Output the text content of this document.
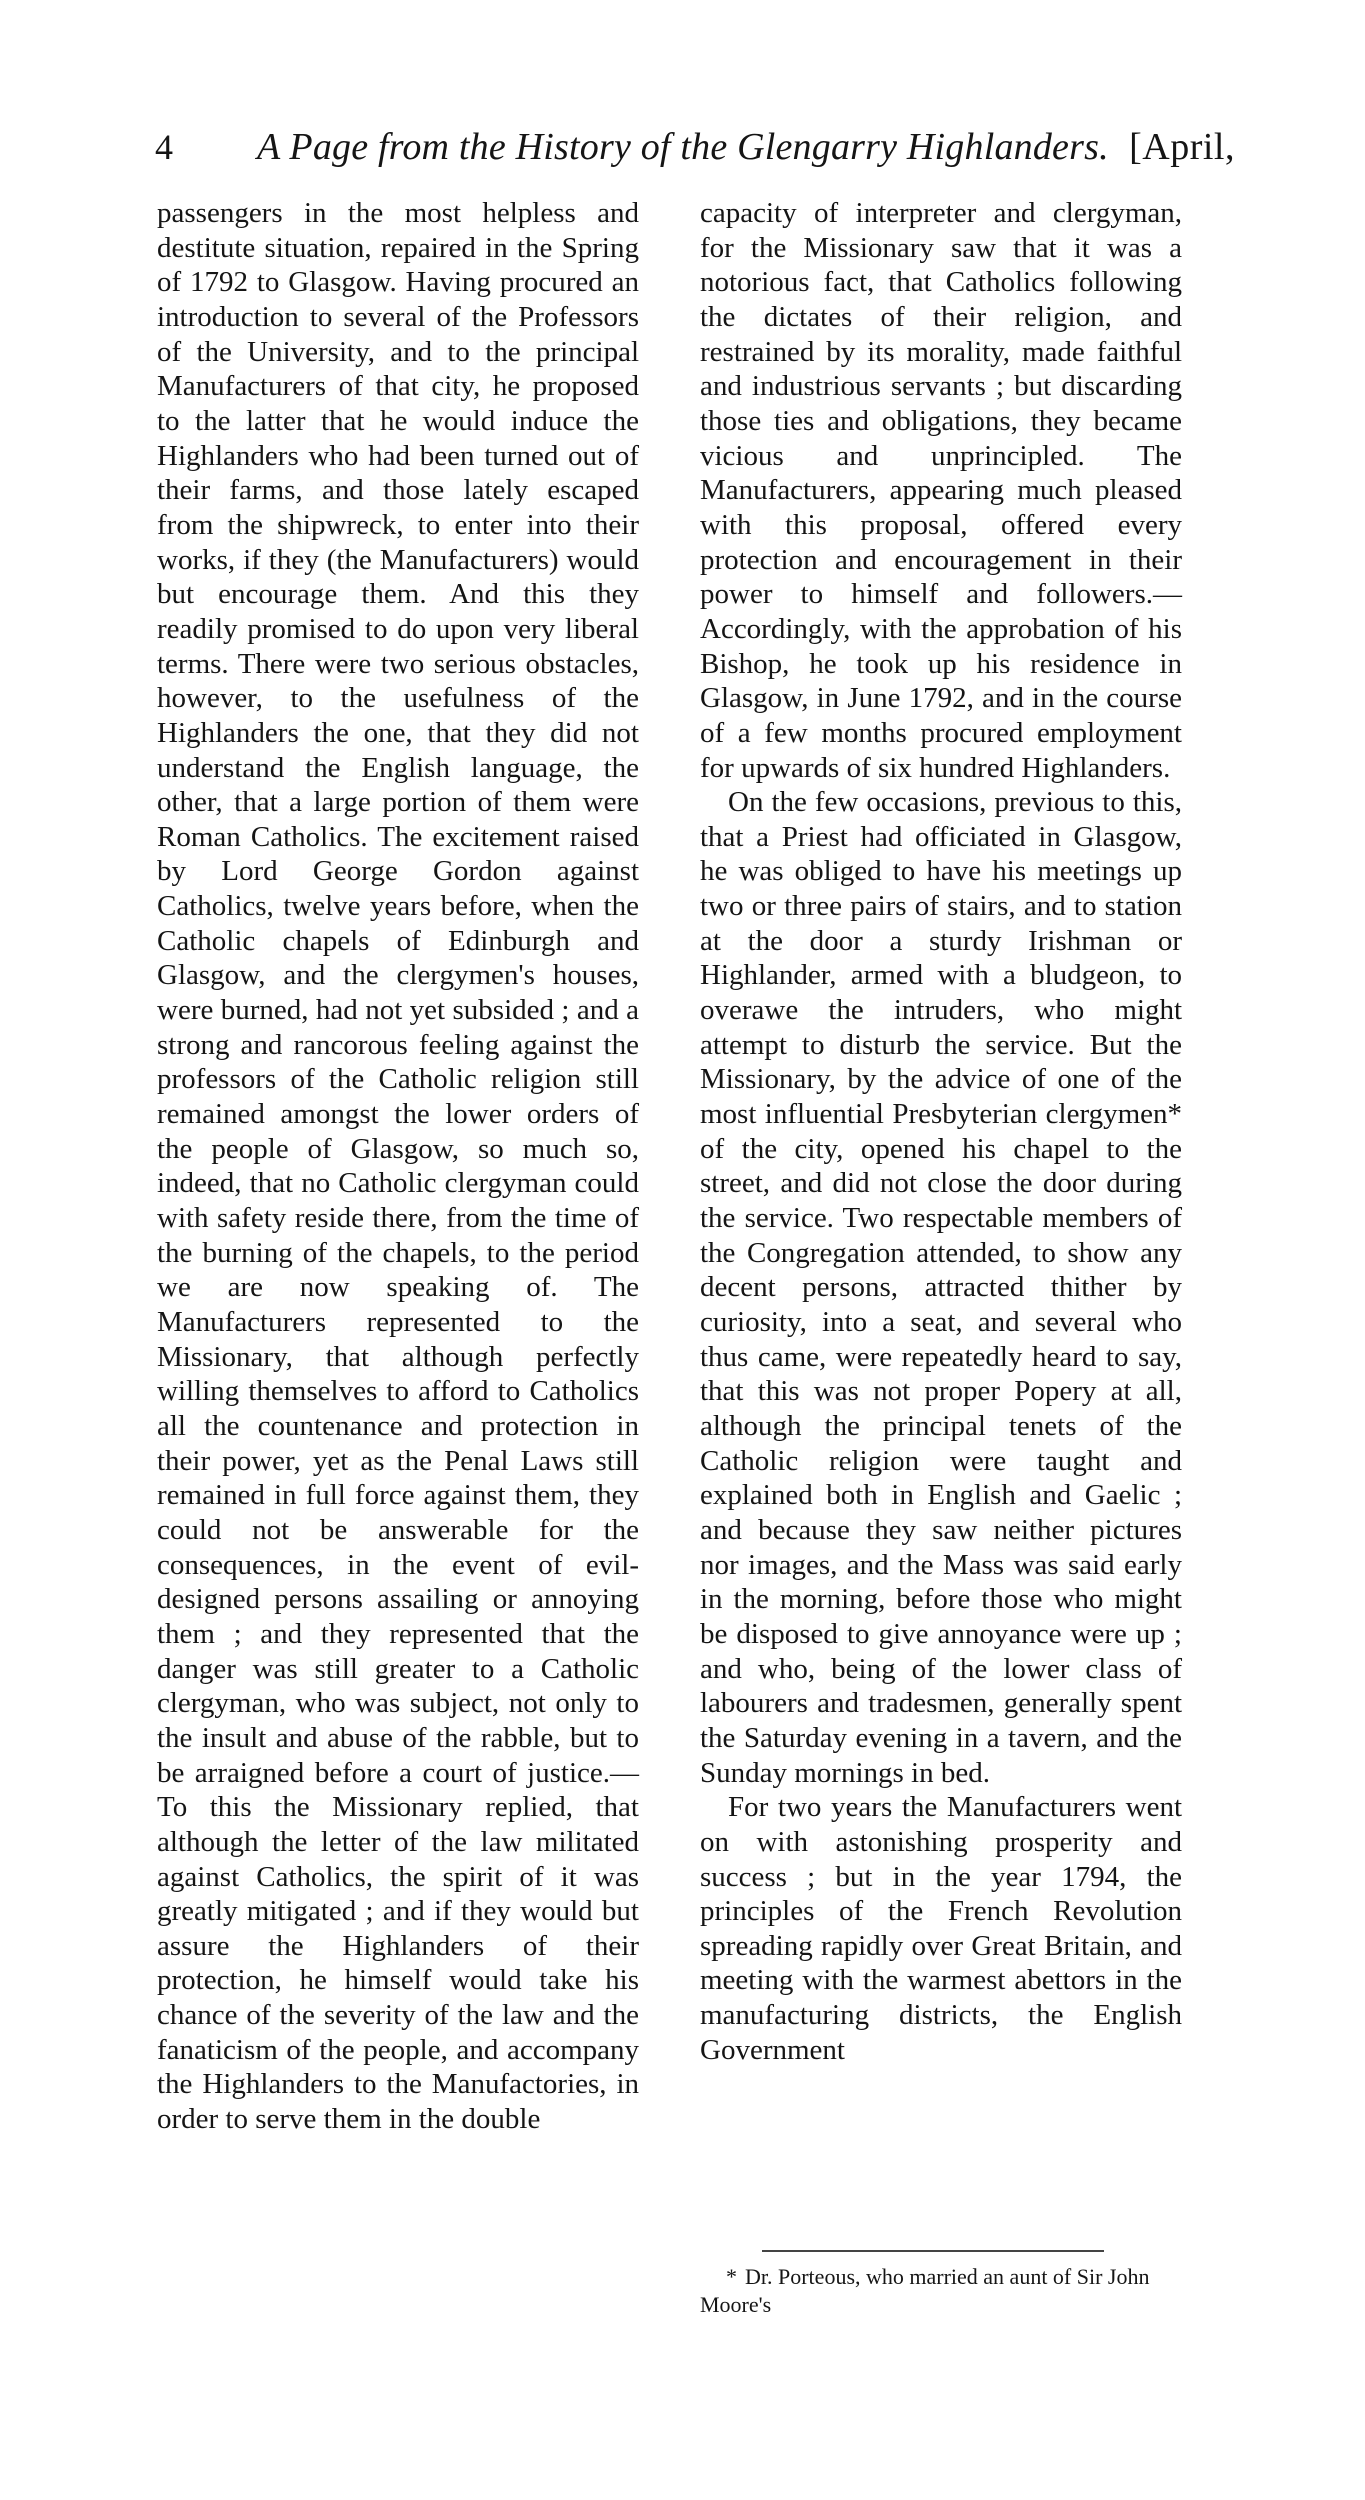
4 A Page from the History of the Glengarry Highlanders. [April,

passengers in the most helpless and destitute situation, repaired in the Spring of 1792 to Glasgow. Having procured an introduction to several of the Professors of the University, and to the principal Manufacturers of that city, he proposed to the latter that he would induce the Highlanders who had been turned out of their farms, and those lately escaped from the shipwreck, to enter into their works, if they (the Manufacturers) would but encourage them. And this they readily promised to do upon very liberal terms. There were two serious obstacles, however, to the usefulness of the Highlanders the one, that they did not understand the English language, the other, that a large portion of them were Roman Catholics. The excitement raised by Lord George Gordon against Catholics, twelve years before, when the Catholic chapels of Edinburgh and Glasgow, and the clergymen's houses, were burned, had not yet subsided ; and a strong and rancorous feeling against the professors of the Catholic religion still remained amongst the lower orders of the people of Glasgow, so much so, indeed, that no Catholic clergyman could with safety reside there, from the time of the burning of the chapels, to the period we are now speaking of. The Manufacturers represented to the Missionary, that although perfectly willing themselves to afford to Catholics all the countenance and protection in their power, yet as the Penal Laws still remained in full force against them, they could not be answerable for the consequences, in the event of evil-designed persons assailing or annoying them ; and they represented that the danger was still greater to a Catholic clergyman, who was subject, not only to the insult and abuse of the rabble, but to be arraigned before a court of justice.— To this the Missionary replied, that although the letter of the law militated against Catholics, the spirit of it was greatly mitigated ; and if they would but assure the Highlanders of their protection, he himself would take his chance of the severity of the law and the fanaticism of the people, and accompany the Highlanders to the Manufactories, in order to serve them in the double

capacity of interpreter and clergyman, for the Missionary saw that it was a notorious fact, that Catholics following the dictates of their religion, and restrained by its morality, made faithful and industrious servants ; but discarding those ties and obligations, they became vicious and unprincipled. The Manufacturers, appearing much pleased with this proposal, offered every protection and encouragement in their power to himself and followers.— Accordingly, with the approbation of his Bishop, he took up his residence in Glasgow, in June 1792, and in the course of a few months procured employment for upwards of six hundred Highlanders.

On the few occasions, previous to this, that a Priest had officiated in Glasgow, he was obliged to have his meetings up two or three pairs of stairs, and to station at the door a sturdy Irishman or Highlander, armed with a bludgeon, to overawe the intruders, who might attempt to disturb the service. But the Missionary, by the advice of one of the most influential Presbyterian clergymen* of the city, opened his chapel to the street, and did not close the door during the service. Two respectable members of the Congregation attended, to show any decent persons, attracted thither by curiosity, into a seat, and several who thus came, were repeatedly heard to say, that this was not proper Popery at all, although the principal tenets of the Catholic religion were taught and explained both in English and Gaelic ; and because they saw neither pictures nor images, and the Mass was said early in the morning, before those who might be disposed to give annoyance were up ; and who, being of the lower class of labourers and tradesmen, generally spent the Saturday evening in a tavern, and the Sunday mornings in bed.

For two years the Manufacturers went on with astonishing prosperity and success ; but in the year 1794, the principles of the French Revolution spreading rapidly over Great Britain, and meeting with the warmest abettors in the manufacturing districts, the English Government

* Dr. Porteous, who married an aunt of Sir John Moore's
